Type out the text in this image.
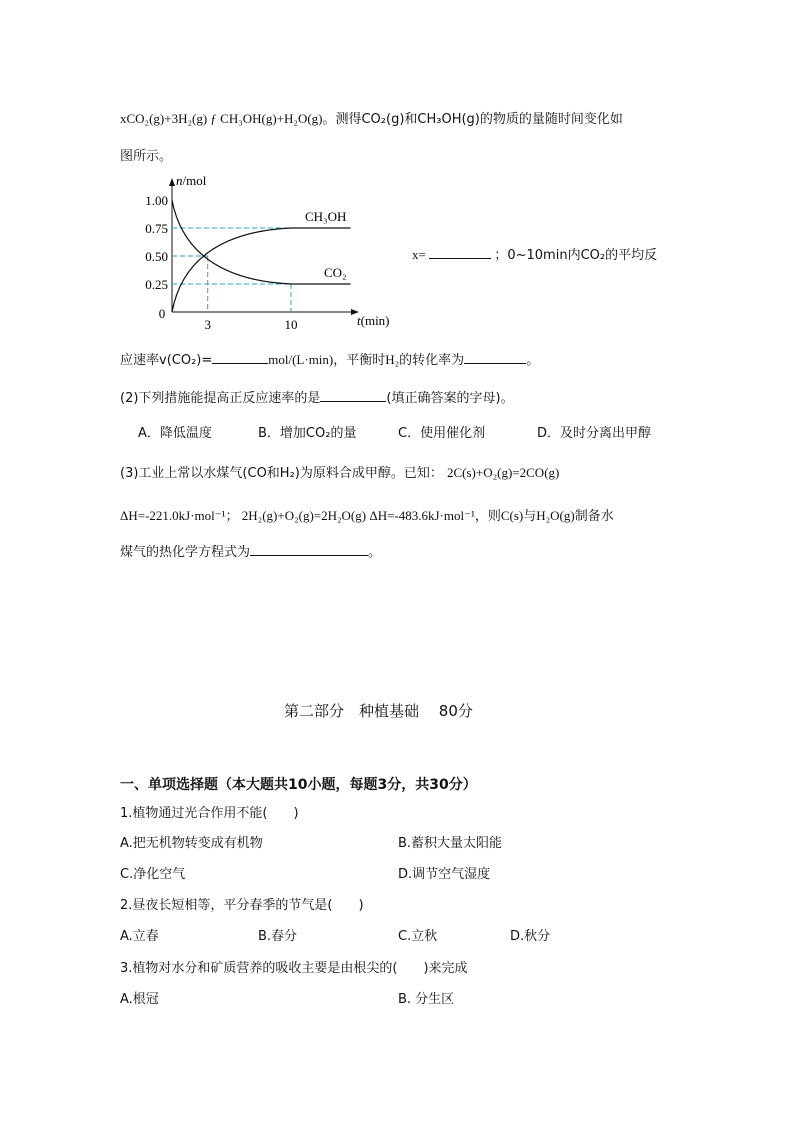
xCO₂(g)+3H₂(g) ƒ CH₃OH(g)+H₂O(g)。测得CO₂(g)和CH₃OH(g)的物质的量随时间变化如
图所示。
n/mol
t(min)
1.00
0.75
0.50
0.25
0
3	10
CH₃OH
CO₂
x=	；0~10min内CO₂的平均反
应速率v(CO₂)=	mol/(L·min)，平衡时H₂的转化率为	。
(2)下列措施能提高正反应速率的是	(填正确答案的字母)。
A．降低温度	B．增加CO₂的量	C．使用催化剂	D．及时分离出甲醇
(3)工业上常以水煤气(CO和H₂)为原料合成甲醇。已知： 2C(s)+O₂(g)=2CO(g)
ΔH=-221.0kJ·mol⁻¹； 2H₂(g)+O₂(g)=2H₂O(g) ΔH=-483.6kJ·mol⁻¹，则C(s)与H₂O(g)制备水
煤气的热化学方程式为	。
第二部分　种植基础　 80分
一、单项选择题（本大题共10小题，每题3分，共30分）
1.植物通过光合作用不能(　　)
A.把无机物转变成有机物	B.蓄积大量太阳能
C.净化空气	D.调节空气湿度
2.昼夜长短相等，平分春季的节气是(　　)
A.立春	B.春分	C.立秋	D.秋分
3.植物对水分和矿质营养的吸收主要是由根尖的(　　)来完成
A.根冠	B. 分生区
